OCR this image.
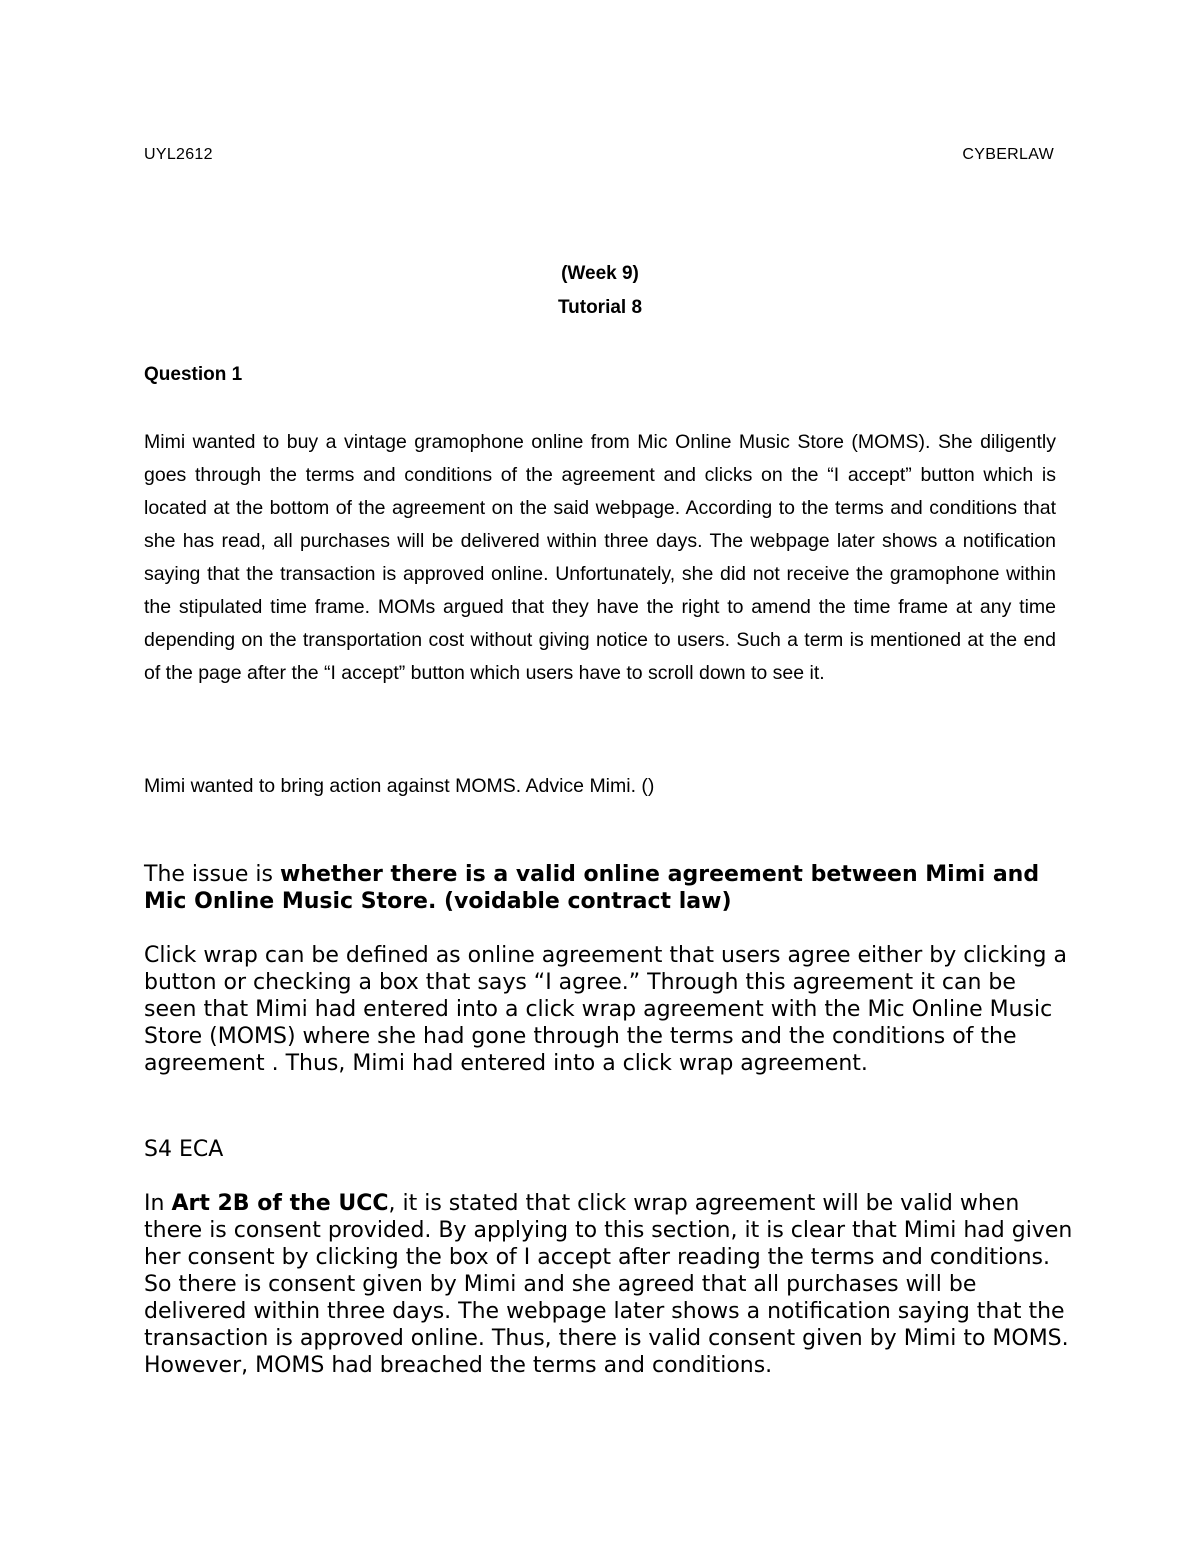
UYL2612	CYBERLAW
(Week 9)
Tutorial 8
Question 1

Mimi wanted to buy a vintage gramophone online from Mic Online Music Store (MOMS). She diligently goes through the terms and conditions of the agreement and clicks on the “I accept” button which is located at the bottom of the agreement on the said webpage. According to the terms and conditions that she has read, all purchases will be delivered within three days. The webpage later shows a notification saying that the transaction is approved online. Unfortunately, she did not receive the gramophone within the stipulated time frame. MOMs argued that they have the right to amend the time frame at any time depending on the transportation cost without giving notice to users. Such a term is mentioned at the end of the page after the “I accept” button which users have to scroll down to see it.

Mimi wanted to bring action against MOMS. Advice Mimi. ()

The issue is whether there is a valid online agreement between Mimi and Mic Online Music Store. (voidable contract law)

Click wrap can be defined as online agreement that users agree either by clicking a button or checking a box that says “I agree.” Through this agreement it can be seen that Mimi had entered into a click wrap agreement with the Mic Online Music Store (MOMS) where she had gone through the terms and the conditions of the agreement . Thus, Mimi had entered into a click wrap agreement.

S4 ECA

In Art 2B of the UCC, it is stated that click wrap agreement will be valid when there is consent provided. By applying to this section, it is clear that Mimi had given her consent by clicking the box of I accept after reading the terms and conditions. So there is consent given by Mimi and she agreed that all purchases will be delivered within three days. The webpage later shows a notification saying that the transaction is approved online. Thus, there is valid consent given by Mimi to MOMS. However, MOMS had breached the terms and conditions.
